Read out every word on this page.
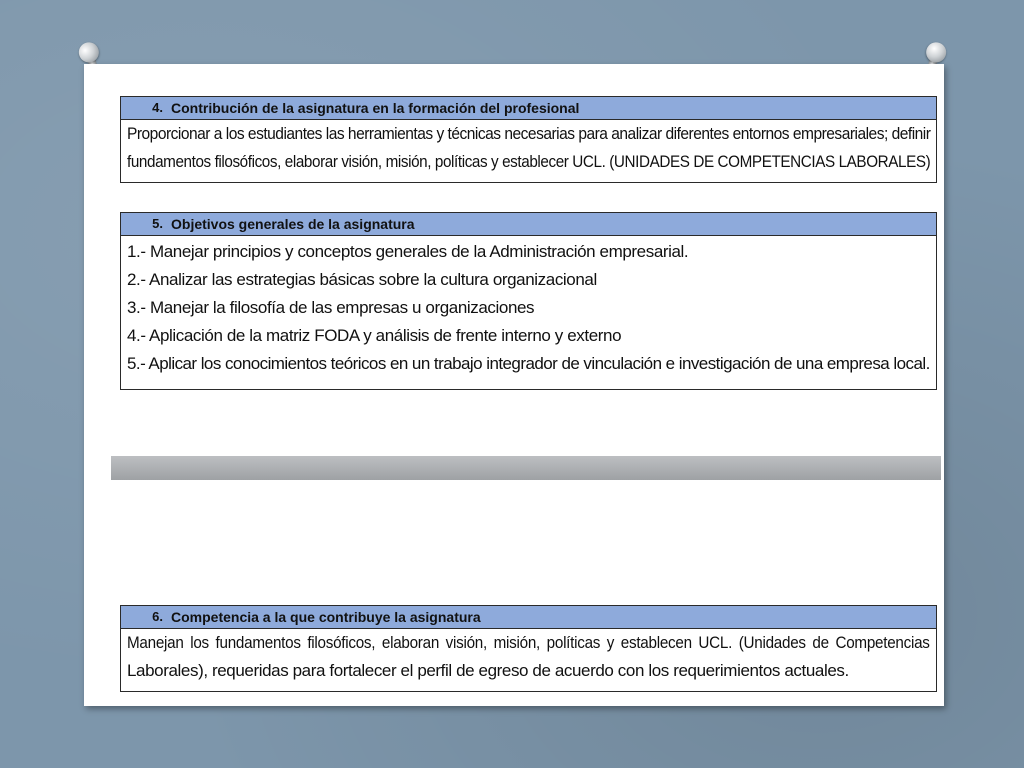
4. Contribución de la asignatura en la formación del profesional

Proporcionar a los estudiantes las herramientas y técnicas necesarias para analizar diferentes entornos empresariales; definir

fundamentos filosóficos, elaborar visión, misión, políticas y establecer UCL. (UNIDADES DE COMPETENCIAS LABORALES)

5. Objetivos generales de la asignatura
1.- Manejar principios y conceptos generales de la Administración empresarial.
2.- Analizar las estrategias básicas sobre la cultura organizacional
3.- Manejar la filosofía de las empresas u organizaciones
4.- Aplicación de la matriz FODA y análisis de frente interno y externo
5.- Aplicar los conocimientos teóricos en un trabajo integrador de vinculación e investigación de una empresa local.
6. Competencia a la que contribuye la asignatura

Manejan los fundamentos filosóficos, elaboran visión, misión, políticas y establecen UCL. (Unidades de Competencias

Laborales), requeridas para fortalecer el perfil de egreso de acuerdo con los requerimientos actuales.
